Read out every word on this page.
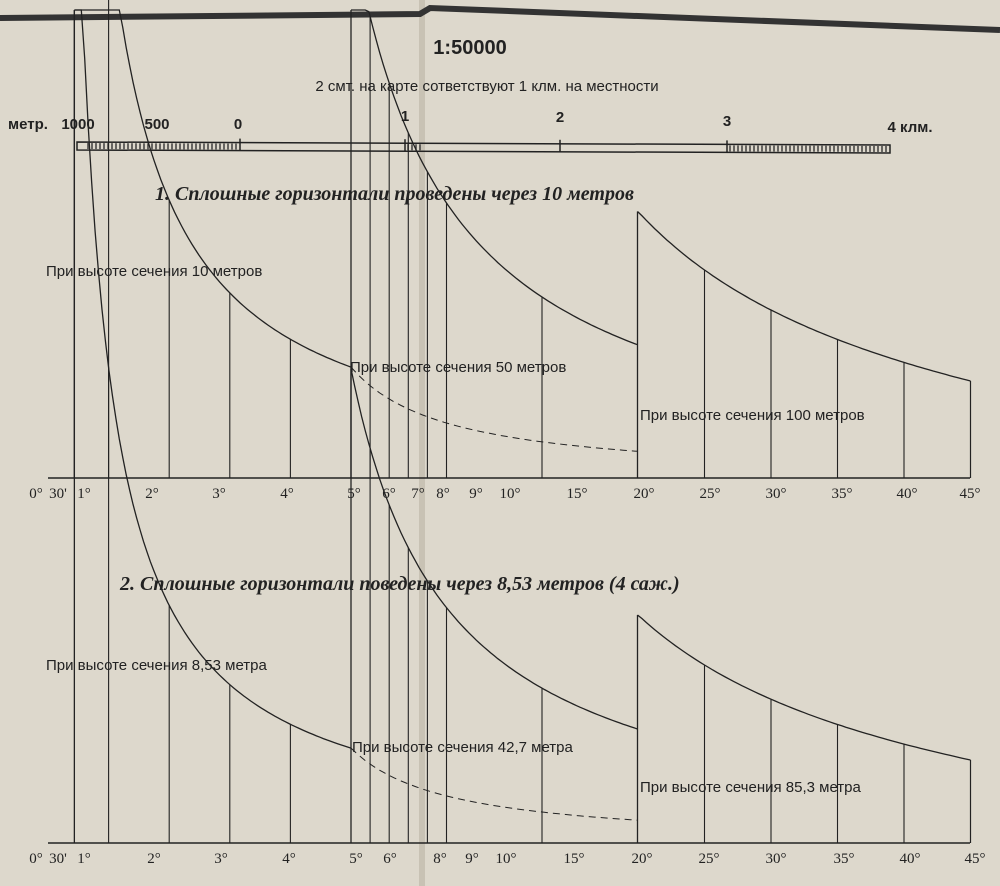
1:50000
2 смт. на карте сответствуют 1 клм. на местности
метр. 1000	500	0	1	2	3	4 клм.
1. Сплошные горизонтали проведены через 10 метров
0° 30' 1°	2°	3°	4°	5° 6° 7° 8° 9° 10°	15°	20°	25°	30°	35°	40°	45°
При высоте сечения 10 метров
При высоте сечения 50 метров
При высоте сечения 100 метров
2. Сплошные горизонтали поведены через 8,53 метров (4 саж.)
0° 30' 1°	2°	3°	4°	5° 6° 8° 9° 10°	15°	20°	25°	30°	35°	40°	45°
При высоте сечения 8,53 метра
При высоте сечения 42,7 метра
При высоте сечения 85,3 метра
